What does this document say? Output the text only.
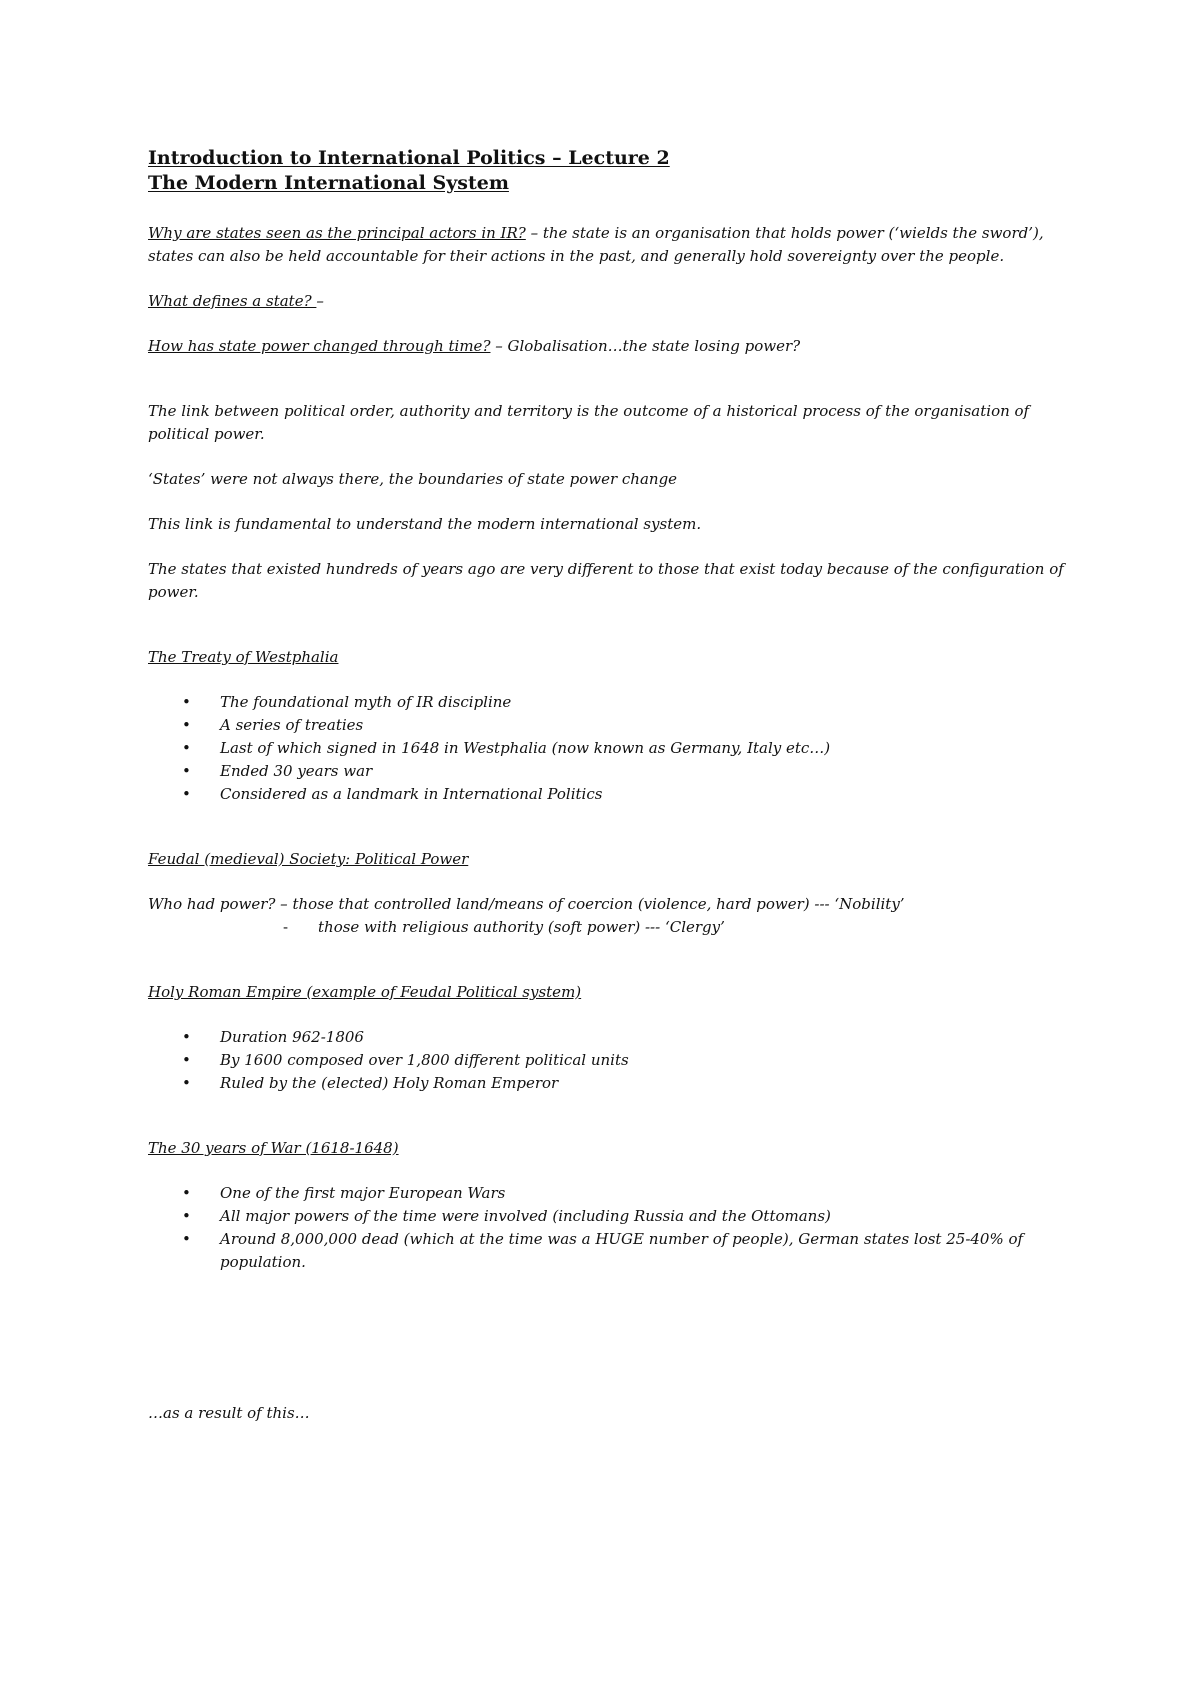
Introduction to International Politics – Lecture 2
The Modern International System

Why are states seen as the principal actors in IR? – the state is an organisation that holds power (‘wields the sword’), states can also be held accountable for their actions in the past, and generally hold sovereignty over the people.

What defines a state? –

How has state power changed through time? – Globalisation…the state losing power?

The link between political order, authority and territory is the outcome of a historical process of the organisation of political power.

‘States’ were not always there, the boundaries of state power change

This link is fundamental to understand the modern international system.

The states that existed hundreds of years ago are very different to those that exist today because of the configuration of power.

The Treaty of Westphalia

• The foundational myth of IR discipline
• A series of treaties
• Last of which signed in 1648 in Westphalia (now known as Germany, Italy etc…)
• Ended 30 years war
• Considered as a landmark in International Politics

Feudal (medieval) Society: Political Power

Who had power? – those that controlled land/means of coercion (violence, hard power) --- ‘Nobility’

- those with religious authority (soft power) --- ‘Clergy’

Holy Roman Empire (example of Feudal Political system)

• Duration 962-1806
• By 1600 composed over 1,800 different political units
• Ruled by the (elected) Holy Roman Emperor

The 30 years of War (1618-1648)

• One of the first major European Wars
• All major powers of the time were involved (including Russia and the Ottomans)
• Around 8,000,000 dead (which at the time was a HUGE number of people), German states lost 25-40% of population.

…as a result of this…
